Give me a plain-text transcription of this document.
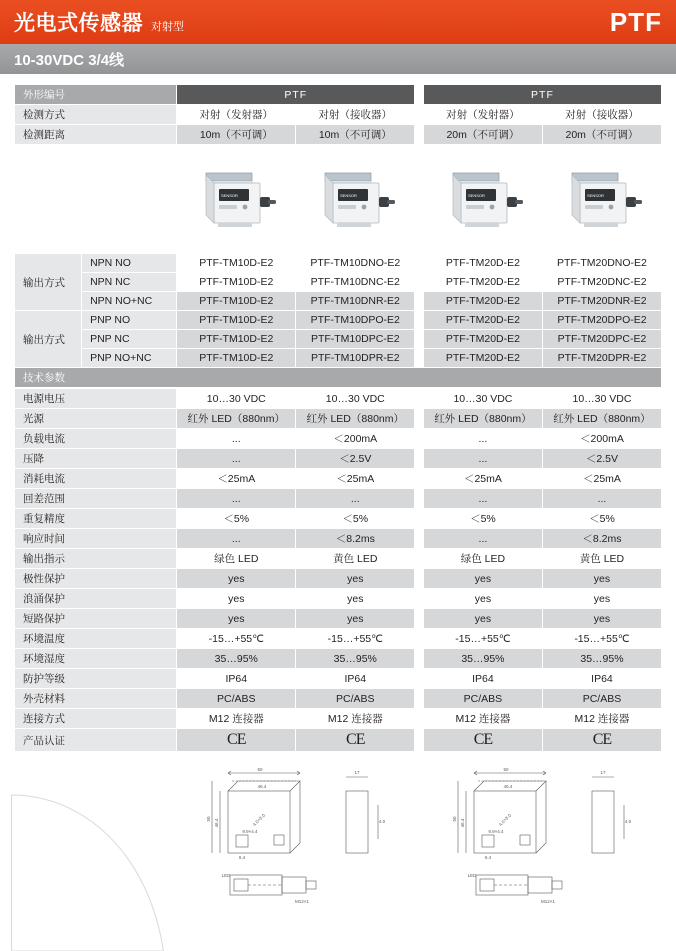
光电式传感器 对射型	PTF
10-30VDC 3/4线
外形编号		PTF			PTF	
检测方式		对射（发射器）	对射（接收器）		对射（发射器）	对射（接收器）
检测距离		10m（不可调）	10m（不可调）		20m（不可调）	20m（不可调）

SENSOR	SENSOR		SENSOR	SENSOR

输出方式	NPN NO	PTF-TM10D-E2	PTF-TM10DNO-E2		PTF-TM20D-E2	PTF-TM20DNO-E2
	NPN NC	PTF-TM10D-E2	PTF-TM10DNC-E2		PTF-TM20D-E2	PTF-TM20DNC-E2
	NPN NO+NC	PTF-TM10D-E2	PTF-TM10DNR-E2		PTF-TM20D-E2	PTF-TM20DNR-E2
输出方式	PNP NO	PTF-TM10D-E2	PTF-TM10DPO-E2		PTF-TM20D-E2	PTF-TM20DPO-E2
	PNP NC	PTF-TM10D-E2	PTF-TM10DPC-E2		PTF-TM20D-E2	PTF-TM20DPC-E2
	PNP NO+NC	PTF-TM10D-E2	PTF-TM10DPR-E2		PTF-TM20D-E2	PTF-TM20DPR-E2
技术参数						
电源电压	10…30 VDC	10…30 VDC		10…30 VDC	10…30 VDC
光源	红外 LED（880nm）	红外 LED（880nm）		红外 LED（880nm）	红外 LED（880nm）
负载电流	...	＜200mA		...	＜200mA
压降	...	＜2.5V		...	＜2.5V
消耗电流	＜25mA	＜25mA		＜25mA	＜25mA
回差范围	...	...		...	...
重复精度	＜5%	＜5%		＜5%	＜5%
响应时间	...	＜8.2ms		...	＜8.2ms
输出指示	绿色 LED	黄色 LED		绿色 LED	黄色 LED
极性保护	yes	yes		yes	yes
浪涌保护	yes	yes		yes	yes
短路保护	yes	yes		yes	yes
环境温度	-15…+55℃	-15…+55℃		-15…+55℃	-15…+55℃
环境湿度	35…95%	35…95%		35…95%	35…95%
防护等级	IP64	IP64		IP64	IP64
外壳材料	PC/ABS	PC/ABS		PC/ABS	PC/ABS
连接方式	M12 连接器	M12 连接器		M12 连接器	M12 连接器
产品认证	CE	CE		CE	CE

50
46.4
50 46.4	4.0×3.0
9.9×4.4
6.4
LED
17
4.0
M12×1

50
46.4
50 46.4	4.0×3.0
9.9×4.4
6.4
LED
17
4.0
M12×1
